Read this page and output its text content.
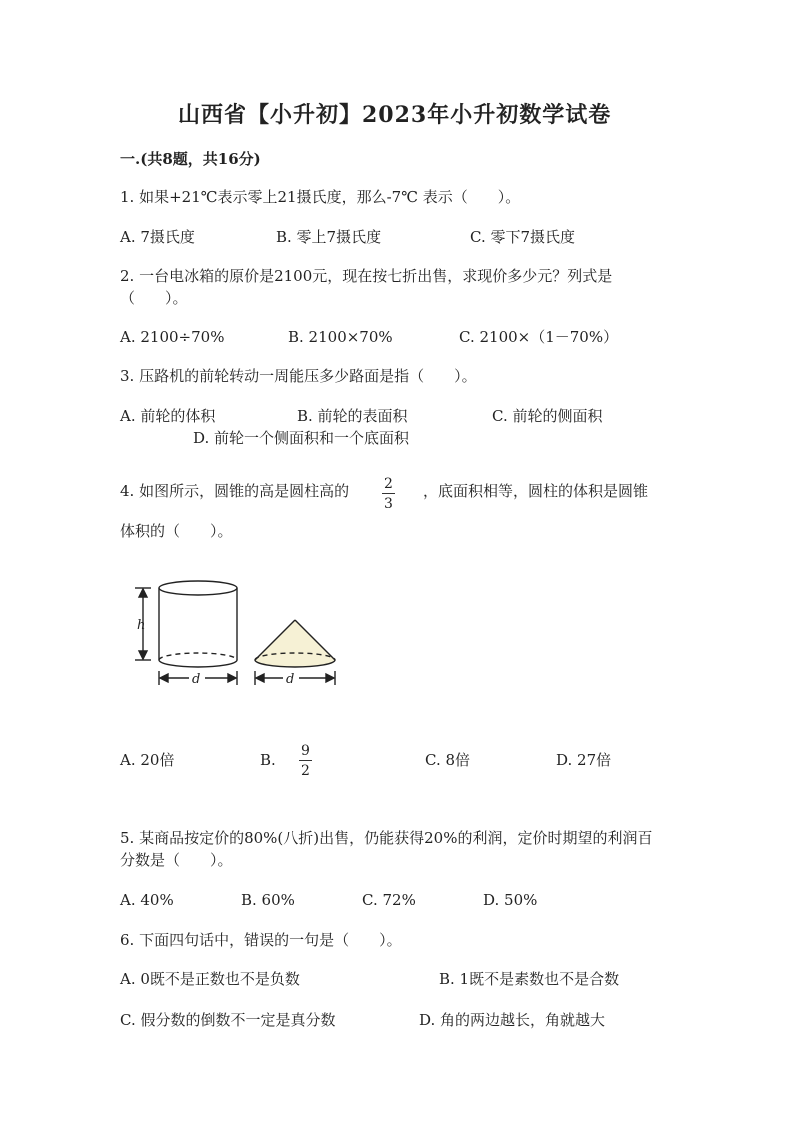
山西省【小升初】2023年小升初数学试卷
一.(共8题，共16分)
1. 如果+21℃表示零上21摄氏度，那么-7℃ 表示（　　）。
A. 7摄氏度	B. 零上7摄氏度	C. 零下7摄氏度
2. 一台电冰箱的原价是2100元，现在按七折出售，求现价多少元？列式是
（　　）。
A. 2100÷70%	B. 2100×70%	C. 2100×（1－70%）
3. 压路机的前轮转动一周能压多少路面是指（　　）。
A. 前轮的体积	B. 前轮的表面积	C. 前轮的侧面积
D. 前轮一个侧面积和一个底面积
4. 如图所示，圆锥的高是圆柱高的 2
3
，底面积相等，圆柱的体积是圆锥
体积的（　　）。
h
d	d
A. 20倍	B. 9
2
C. 8倍	D. 27倍
5. 某商品按定价的80%(八折)出售，仍能获得20%的利润，定价时期望的利润百
分数是（　　）。
A. 40%	B. 60%	C. 72%	D. 50%
6. 下面四句话中，错误的一句是（　　）。
A. 0既不是正数也不是负数	B. 1既不是素数也不是合数
C. 假分数的倒数不一定是真分数	D. 角的两边越长，角就越大
